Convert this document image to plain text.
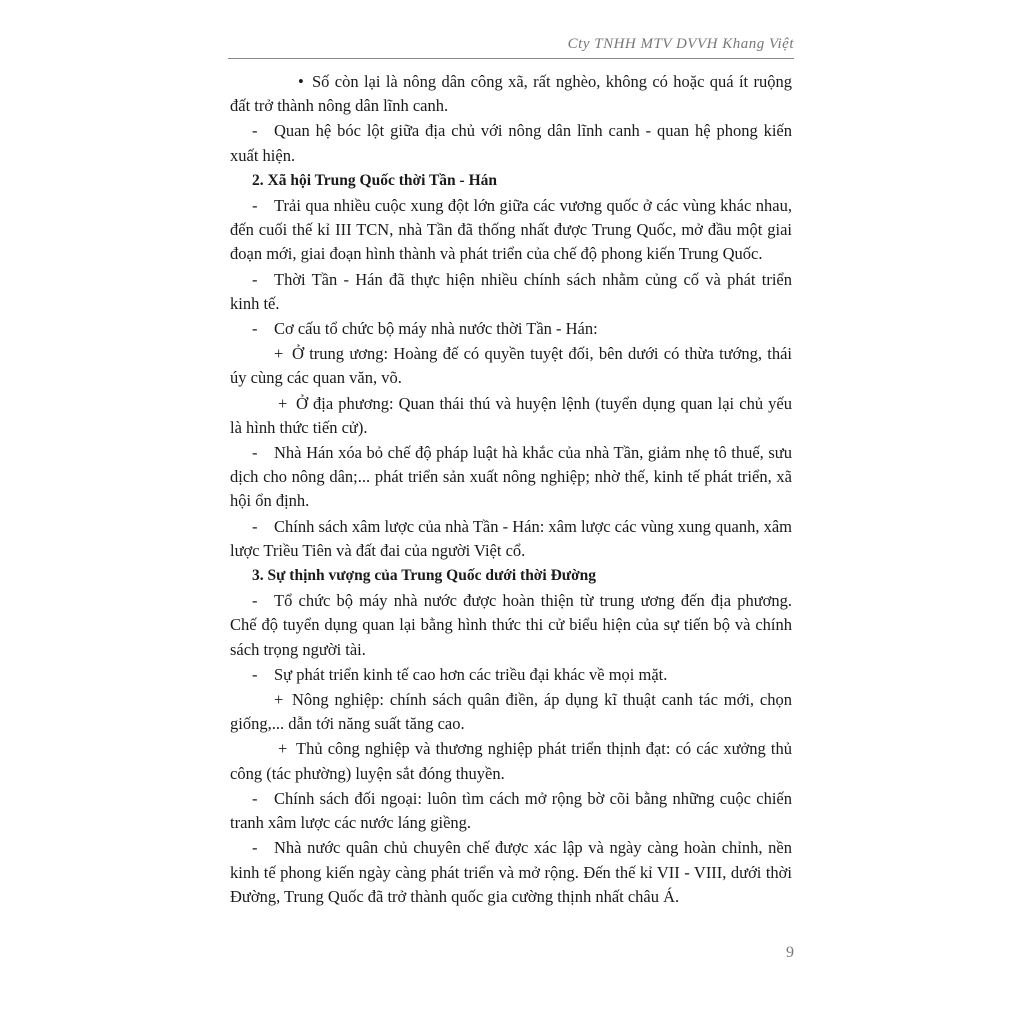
Cty TNHH MTV DVVH Khang Việt

• Số còn lại là nông dân công xã, rất nghèo, không có hoặc quá ít ruộng đất trở thành nông dân lĩnh canh.

- Quan hệ bóc lột giữa địa chủ với nông dân lĩnh canh - quan hệ phong kiến xuất hiện.

2. Xã hội Trung Quốc thời Tần - Hán

- Trải qua nhiều cuộc xung đột lớn giữa các vương quốc ở các vùng khác nhau, đến cuối thế kỉ III TCN, nhà Tần đã thống nhất được Trung Quốc, mở đầu một giai đoạn mới, giai đoạn hình thành và phát triển của chế độ phong kiến Trung Quốc.

- Thời Tần - Hán đã thực hiện nhiều chính sách nhằm củng cố và phát triển kinh tế.

- Cơ cấu tổ chức bộ máy nhà nước thời Tần - Hán:

+ Ở trung ương: Hoàng đế có quyền tuyệt đối, bên dưới có thừa tướng, thái úy cùng các quan văn, võ.

+ Ở địa phương: Quan thái thú và huyện lệnh (tuyển dụng quan lại chủ yếu là hình thức tiến cử).

- Nhà Hán xóa bỏ chế độ pháp luật hà khắc của nhà Tần, giảm nhẹ tô thuế, sưu dịch cho nông dân;... phát triển sản xuất nông nghiệp; nhờ thế, kinh tế phát triển, xã hội ổn định.

- Chính sách xâm lược của nhà Tần - Hán: xâm lược các vùng xung quanh, xâm lược Triều Tiên và đất đai của người Việt cổ.

3. Sự thịnh vượng của Trung Quốc dưới thời Đường

- Tổ chức bộ máy nhà nước được hoàn thiện từ trung ương đến địa phương. Chế độ tuyển dụng quan lại bằng hình thức thi cử biểu hiện của sự tiến bộ và chính sách trọng người tài.

- Sự phát triển kinh tế cao hơn các triều đại khác về mọi mặt.

+ Nông nghiệp: chính sách quân điền, áp dụng kĩ thuật canh tác mới, chọn giống,... dẫn tới năng suất tăng cao.

+ Thủ công nghiệp và thương nghiệp phát triển thịnh đạt: có các xưởng thủ công (tác phường) luyện sắt đóng thuyền.

- Chính sách đối ngoại: luôn tìm cách mở rộng bờ cõi bằng những cuộc chiến tranh xâm lược các nước láng giềng.

- Nhà nước quân chủ chuyên chế được xác lập và ngày càng hoàn chỉnh, nền kinh tế phong kiến ngày càng phát triển và mở rộng. Đến thế kỉ VII - VIII, dưới thời Đường, Trung Quốc đã trở thành quốc gia cường thịnh nhất châu Á.

9
